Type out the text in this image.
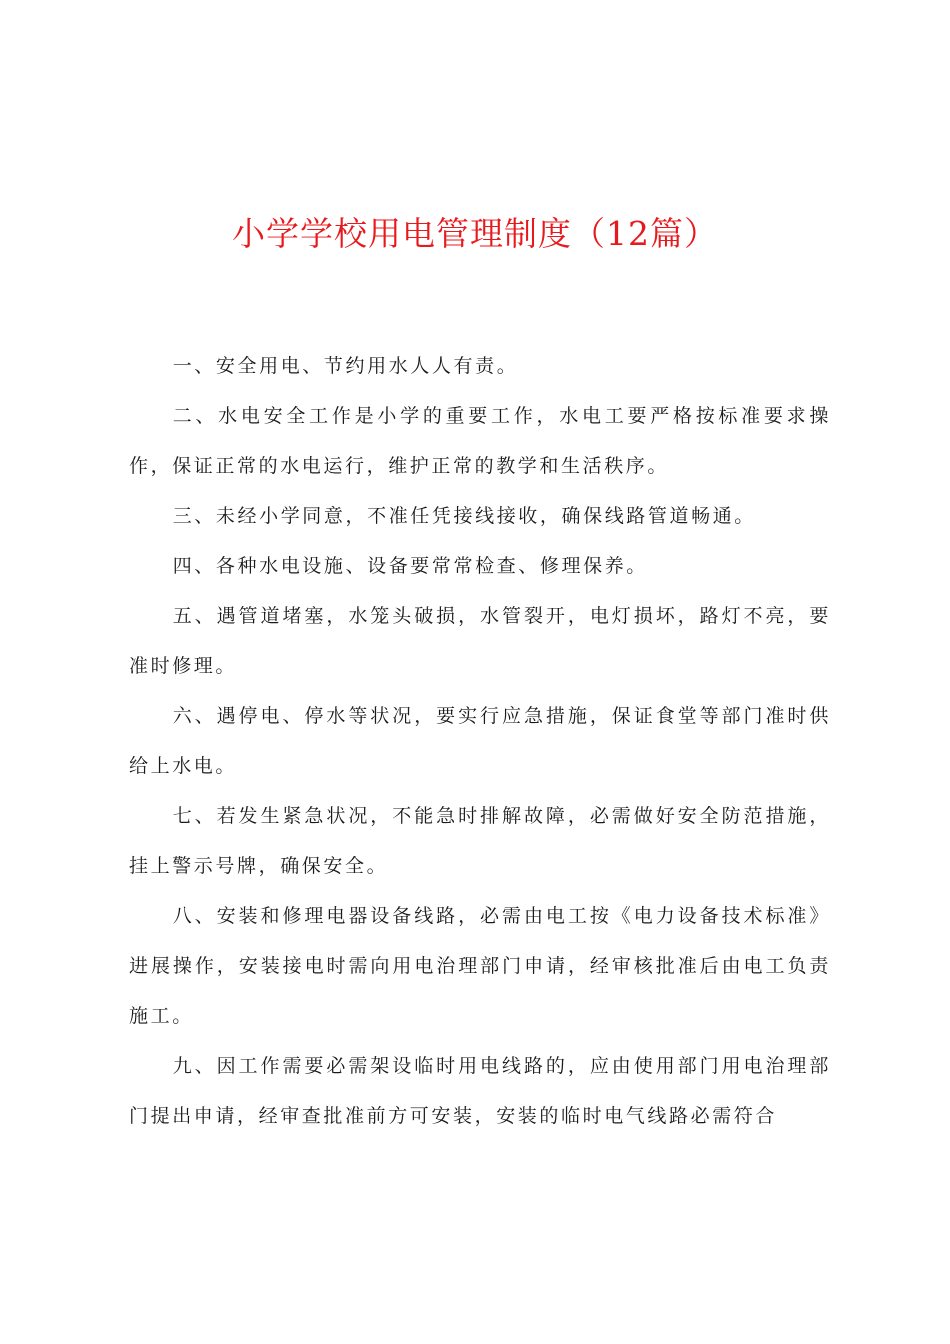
小学学校用电管理制度（12篇）

一、安全用电、节约用水人人有责。

二、水电安全工作是小学的重要工作，水电工要严格按标准要求操作，保证正常的水电运行，维护正常的教学和生活秩序。

三、未经小学同意，不准任凭接线接收，确保线路管道畅通。

四、各种水电设施、设备要常常检查、修理保养。

五、遇管道堵塞，水笼头破损，水管裂开，电灯损坏，路灯不亮，要准时修理。

六、遇停电、停水等状况，要实行应急措施，保证食堂等部门准时供给上水电。

七、若发生紧急状况，不能急时排解故障，必需做好安全防范措施，挂上警示号牌，确保安全。

八、安装和修理电器设备线路，必需由电工按《电力设备技术标准》进展操作，安装接电时需向用电治理部门申请，经审核批准后由电工负责施工。

九、因工作需要必需架设临时用电线路的，应由使用部门用电治理部门提出申请，经审查批准前方可安装，安装的临时电气线路必需符合
